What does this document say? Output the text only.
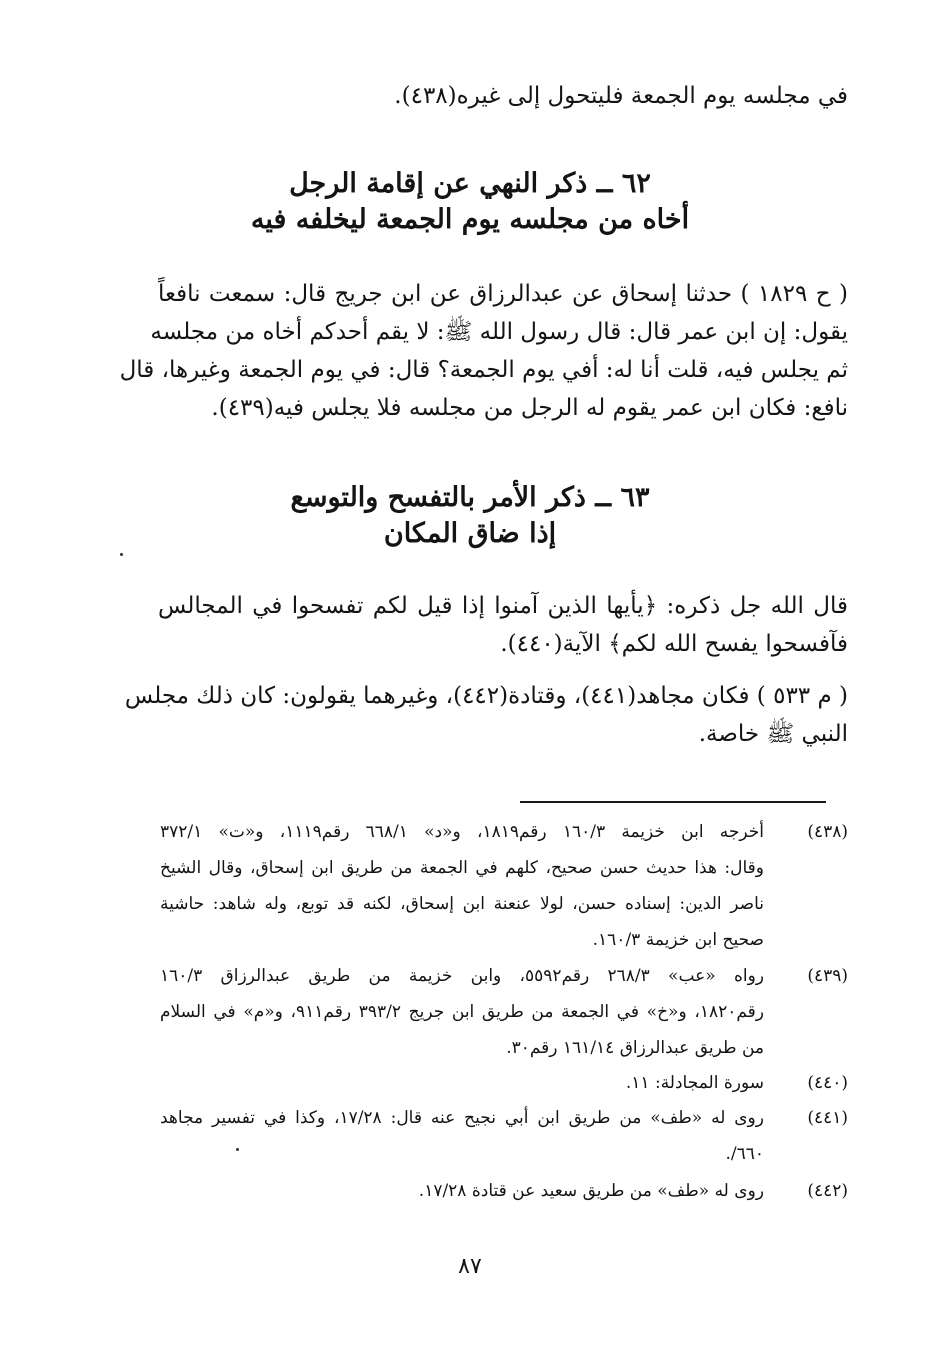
في مجلسه يوم الجمعة فليتحول إلى غيره(٤٣٨).
٦٢ ــ ذكر النهي عن إقامة الرجل
أخاه من مجلسه يوم الجمعة ليخلفه فيه
( ح ١٨٢٩ ) حدثنا إسحاق عن عبدالرزاق عن ابن جريج قال: سمعت نافعاً
يقول: إن ابن عمر قال: قال رسول الله ﷺ: لا يقم أحدكم أخاه من مجلسه
ثم يجلس فيه، قلت أنا له: أفي يوم الجمعة؟ قال: في يوم الجمعة وغيرها، قال
نافع: فكان ابن عمر يقوم له الرجل من مجلسه فلا يجلس فيه(٤٣٩).
٦٣ ــ ذكر الأمر بالتفسح والتوسع
إذا ضاق المكان
قال الله جل ذكره: ﴿يأيها الذين آمنوا إذا قيل لكم تفسحوا في المجالس
فآفسحوا يفسح الله لكم﴾ الآية(٤٤٠).
( م ٥٣٣ ) فكان مجاهد(٤٤١)، وقتادة(٤٤٢)، وغيرهما يقولون: كان ذلك مجلس
النبي ﷺ خاصة.
(٤٣٨)
أخرجه ابن خزيمة ١٦٠/٣ رقم١٨١٩، و«د» ٦٦٨/١ رقم١١١٩، و«ت» ٣٧٢/١
وقال: هذا حديث حسن صحيح، كلهم في الجمعة من طريق ابن إسحاق، وقال الشيخ
ناصر الدين: إسناده حسن، لولا عنعنة ابن إسحاق، لكنه قد توبع، وله شاهد: حاشية
صحيح ابن خزيمة ١٦٠/٣.
(٤٣٩)
رواه «عب» ٢٦٨/٣ رقم٥٥٩٢، وابن خزيمة من طريق عبدالرزاق ١٦٠/٣
رقم١٨٢٠، و«خ» في الجمعة من طريق ابن جريج ٣٩٣/٢ رقم٩١١، و«م» في السلام
من طريق عبدالرزاق ١٦١/١٤ رقم٣٠.
(٤٤٠)
سورة المجادلة: ١١.
(٤٤١)
روى له «طف» من طريق ابن أبي نجيح عنه قال: ١٧/٢٨، وكذا في تفسير مجاهد
٦٦٠/.
(٤٤٢)
روى له «طف» من طريق سعيد عن قتادة ١٧/٢٨.
٨٧
